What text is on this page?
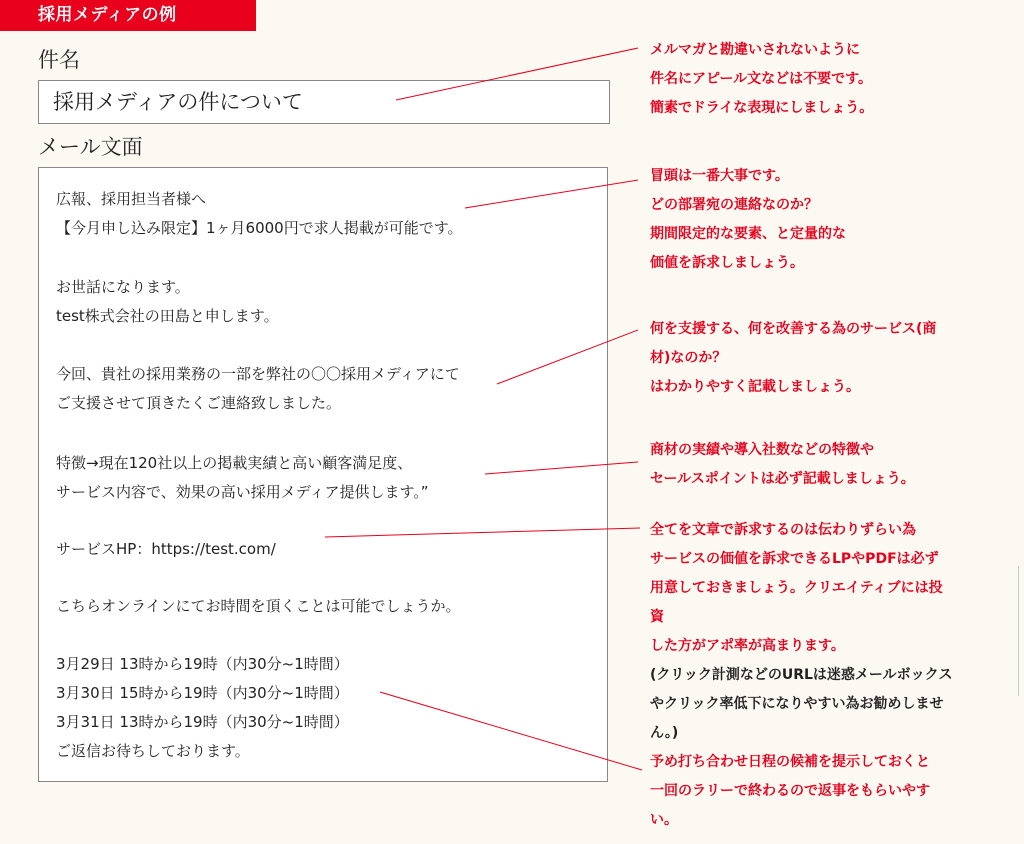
採用メディアの例
件名
採用メディアの件について
メール文面
広報、採用担当者様へ
【今月申し込み限定】1ヶ月6000円で求人掲載が可能です。
お世話になります。
test株式会社の田島と申します。
今回、貴社の採用業務の一部を弊社の〇〇採用メディアにて
ご支援させて頂きたくご連絡致しました。
特徴→現在120社以上の掲載実績と高い顧客満足度、
サービス内容で、効果の高い採用メディア提供します。”
サービスHP：https://test.com/
こちらオンラインにてお時間を頂くことは可能でしょうか。
3月29日 13時から19時（内30分~1時間）
3月30日 15時から19時（内30分~1時間）
3月31日 13時から19時（内30分~1時間）
ご返信お待ちしております。
メルマガと勘違いされないように
件名にアピール文などは不要です。
簡素でドライな表現にしましょう。
冒頭は一番大事です。
どの部署宛の連絡なのか？
期間限定的な要素、と定量的な
価値を訴求しましょう。
何を支援する、何を改善する為のサービス(商
材)なのか？
はわかりやすく記載しましょう。
商材の実績や導入社数などの特徴や
セールスポイントは必ず記載しましょう。
全てを文章で訴求するのは伝わりずらい為
サービスの価値を訴求できるLPやPDFは必ず
用意しておきましょう。クリエイティブには投
資
した方がアポ率が高まります。
(クリック計測などのURLは迷惑メールボックス
やクリック率低下になりやすい為お勧めしませ
ん。)
予め打ち合わせ日程の候補を提示しておくと
一回のラリーで終わるので返事をもらいやす
い。
